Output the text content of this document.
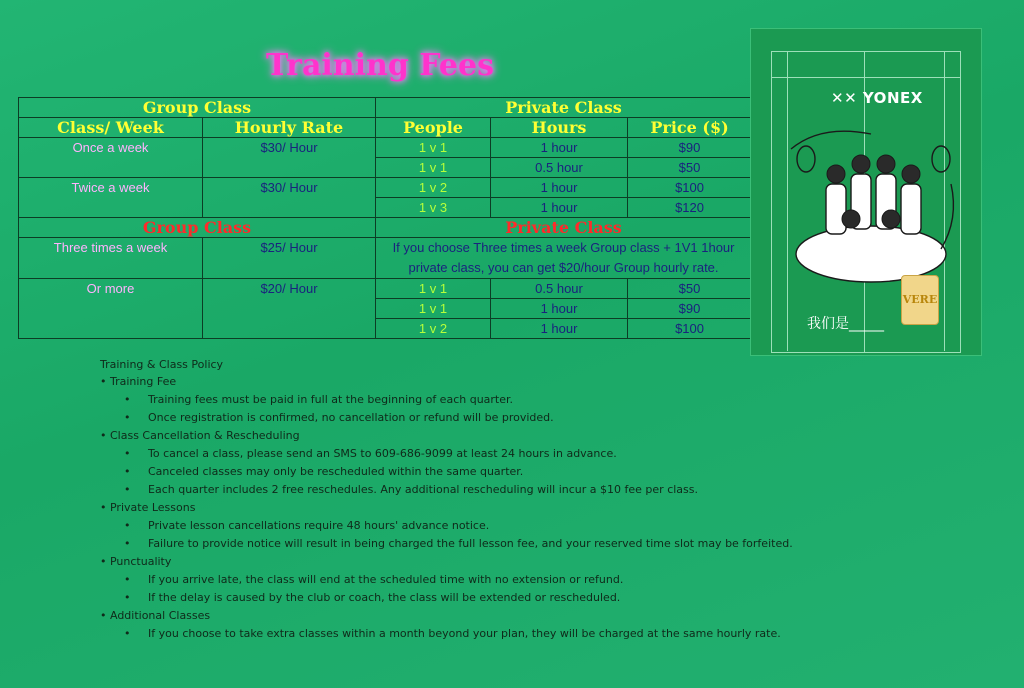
Training Fees
Group Class		Private Class		
Class/ Week	Hourly Rate	People	Hours	Price ($)
Once a week	$30/ Hour	1 v 1	1 hour	$90
		1 v 1	0.5 hour	$50
Twice a week	$30/ Hour	1 v 2	1 hour	$100
		1 v 3	1 hour	$120
Group Class		Private Class		
Three times a week	$25/ Hour	If you choose Three times a week Group class + 1V1 1hour private class, you can get $20/hour Group hourly rate.		
Or more	$20/ Hour	1 v 1	0.5 hour	$50
		1 v 1	1 hour	$90
		1 v 2	1 hour	$100
✕✕ YONEX
VERE
我们是_____
Training & Class Policy
• Training Fee
• Training fees must be paid in full at the beginning of each quarter.
• Once registration is confirmed, no cancellation or refund will be provided.
• Class Cancellation & Rescheduling
• To cancel a class, please send an SMS to 609-686-9099 at least 24 hours in advance.
• Canceled classes may only be rescheduled within the same quarter.
• Each quarter includes 2 free reschedules. Any additional rescheduling will incur a $10 fee per class.
• Private Lessons
• Private lesson cancellations require 48 hours' advance notice.
• Failure to provide notice will result in being charged the full lesson fee, and your reserved time slot may be forfeited.
• Punctuality
• If you arrive late, the class will end at the scheduled time with no extension or refund.
• If the delay is caused by the club or coach, the class will be extended or rescheduled.
• Additional Classes
• If you choose to take extra classes within a month beyond your plan, they will be charged at the same hourly rate.
